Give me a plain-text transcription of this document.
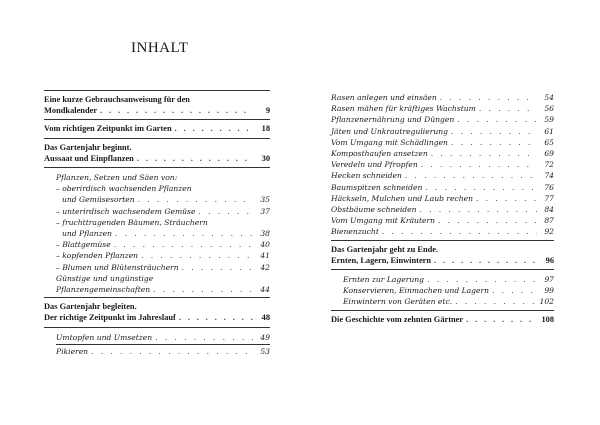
INHALT
Eine kurze Gebrauchsanweisung für den
Mondkalender . . .	9
Vom richtigen Zeitpunkt im Garten . . .	18
Das Gartenjahr beginnt.
Aussaat und Einpflanzen . . .	30
Pflanzen, Setzen und Säen von:
– oberirdisch wachsenden Pflanzen
und Gemüsesorten . . .	35
– unterirdisch wachsendem Gemüse . . .	37
– fruchttragenden Bäumen, Sträuchern
und Pflanzen . . .	38
– Blattgemüse . . .	40
– kopfenden Pflanzen . . .	41
– Blumen und Blütensträuchern . . .	42
Günstige und ungünstige
Pflanzengemeinschaften . . .	44
Das Gartenjahr begleiten.
Der richtige Zeitpunkt im Jahreslauf . . .	48
Umtopfen und Umsetzen . . .	49
Pikieren . . .	53
Rasen anlegen und einsäen . . .	54
Rasen mähen für kräftiges Wachstum . . .	56
Pflanzenernährung und Düngen . . .	59
Jäten und Unkrautregulierung . . .	61
Vom Umgang mit Schädlingen . . .	65
Komposthaufen ansetzen . . .	69
Veredeln und Pfropfen . . .	72
Hecken schneiden . . .	74
Baumspitzen schneiden . . .	76
Häckseln, Mulchen und Laub rechen . . .	77
Obstbäume schneiden . . .	84
Vom Umgang mit Kräutern . . .	87
Bienenzucht . . .	92
Das Gartenjahr geht zu Ende.
Ernten, Lagern, Einwintern . . .	96
Ernten zur Lagerung . . .	97
Konservieren, Einmachen und Lagern . . .	99
Einwintern von Geräten etc. . . .	102
Die Geschichte vom zehnten Gärtner . . .	108
